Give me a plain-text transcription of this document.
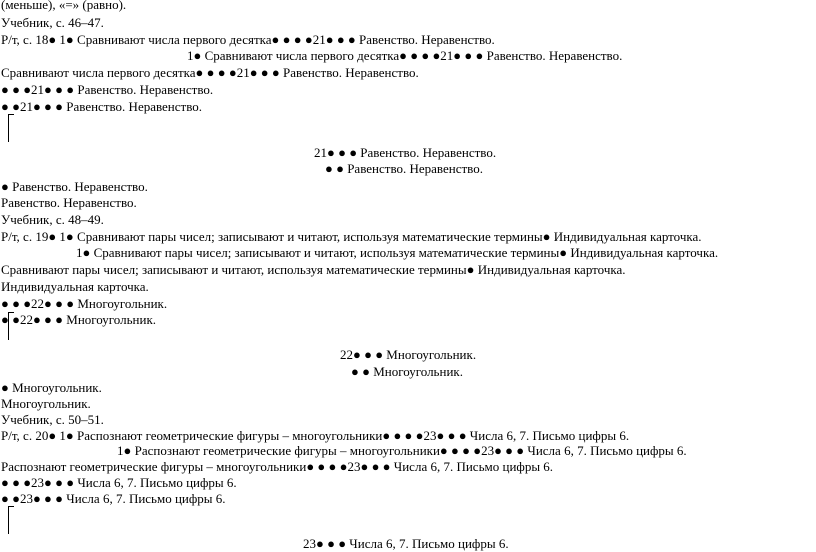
(меньше), «=» (равно).
Учебник, с. 46–47.
Р/т, с. 18● 1● Сравнивают числа первого десятка● ● ● ●21● ● ● Равенство. Неравенство.
1● Сравнивают числа первого десятка● ● ● ●21● ● ● Равенство. Неравенство.
Сравнивают числа первого десятка● ● ● ●21● ● ● Равенство. Неравенство.
● ● ●21● ● ● Равенство. Неравенство.
● ●21● ● ● Равенство. Неравенство.
21● ● ● Равенство. Неравенство.
● ● Равенство. Неравенство.
● Равенство. Неравенство.
Равенство. Неравенство.
Учебник, с. 48–49.
Р/т, с. 19● 1● Сравнивают пары чисел; записывают и читают, используя математические термины● Индивидуальная карточка.
1● Сравнивают пары чисел; записывают и читают, используя математические термины● Индивидуальная карточка.
Сравнивают пары чисел; записывают и читают, используя математические термины● Индивидуальная карточка.
Индивидуальная карточка.
● ● ●22● ● ● Многоугольник.
● ●22● ● ● Многоугольник.
22● ● ● Многоугольник.
● ● Многоугольник.
● Многоугольник.
Многоугольник.
Учебник, с. 50–51.
Р/т, с. 20● 1● Распознают геометрические фигуры – многоугольники● ● ● ●23● ● ● Числа 6, 7. Письмо цифры 6.
1● Распознают геометрические фигуры – многоугольники● ● ● ●23● ● ● Числа 6, 7. Письмо цифры 6.
Распознают геометрические фигуры – многоугольники● ● ● ●23● ● ● Числа 6, 7. Письмо цифры 6.
● ● ●23● ● ● Числа 6, 7. Письмо цифры 6.
● ●23● ● ● Числа 6, 7. Письмо цифры 6.
23● ● ● Числа 6, 7. Письмо цифры 6.
